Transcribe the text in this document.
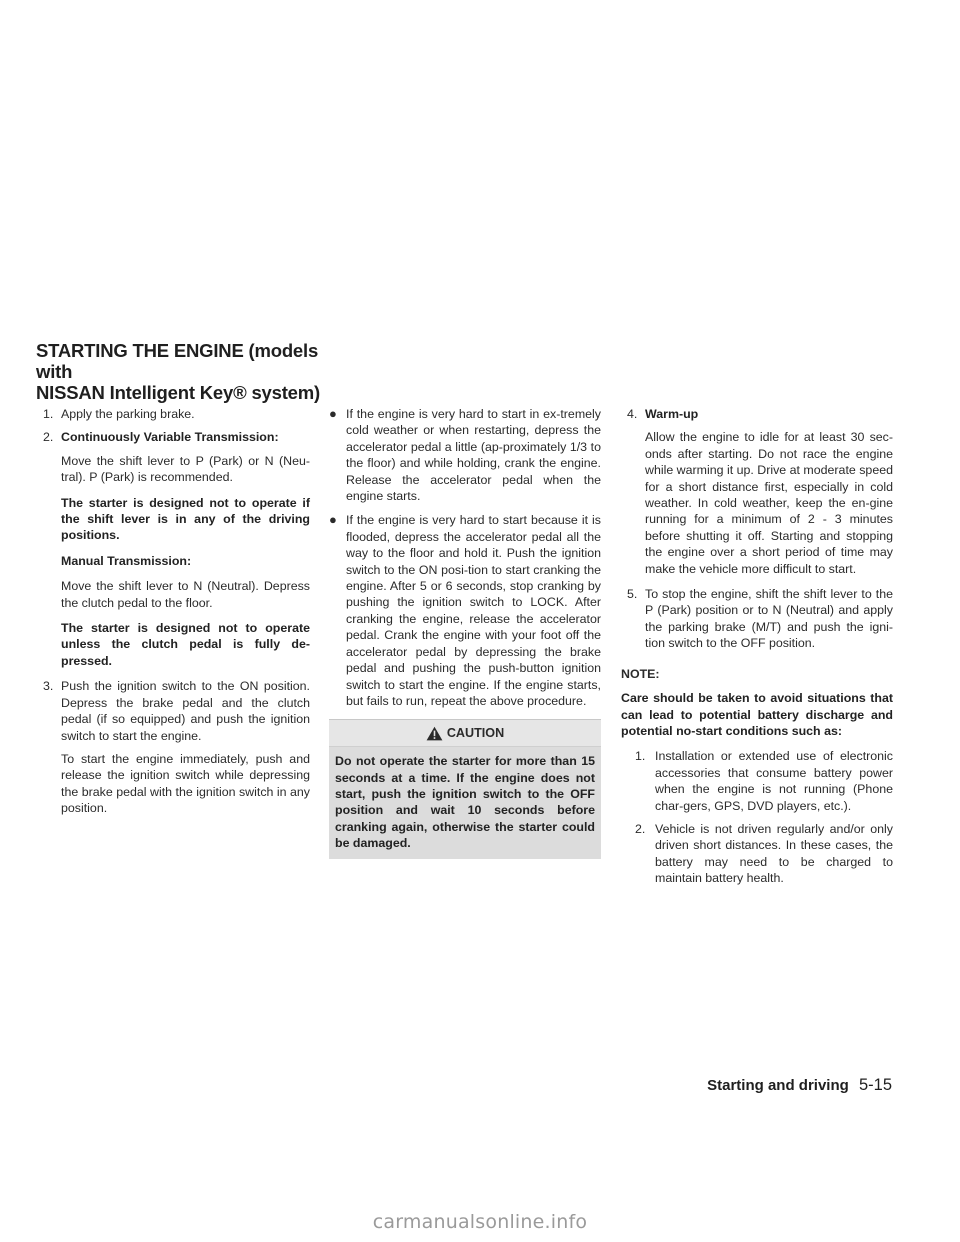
STARTING THE ENGINE (models with
NISSAN Intelligent Key® system)
1. Apply the parking brake.
2. Continuously Variable Transmission:

Move the shift lever to P (Park) or N (Neu-tral). P (Park) is recommended.

The starter is designed not to operate if the shift lever is in any of the driving positions.

Manual Transmission:

Move the shift lever to N (Neutral). Depress the clutch pedal to the floor.

The starter is designed not to operate unless the clutch pedal is fully de-pressed.

3. Push the ignition switch to the ON position. Depress the brake pedal and the clutch pedal (if so equipped) and push the ignition switch to start the engine.

To start the engine immediately, push and release the ignition switch while depressing the brake pedal with the ignition switch in any position.

● If the engine is very hard to start in ex-tremely cold weather or when restarting, depress the accelerator pedal a little (ap-proximately 1/3 to the floor) and while holding, crank the engine. Release the accelerator pedal when the engine starts.
● If the engine is very hard to start because it is flooded, depress the accelerator pedal all the way to the floor and hold it. Push the ignition switch to the ON posi-tion to start cranking the engine. After 5 or 6 seconds, stop cranking by pushing the ignition switch to LOCK. After cranking the engine, release the accelerator pedal. Crank the engine with your foot off the accelerator pedal by depressing the brake pedal and pushing the push-button ignition switch to start the engine. If the engine starts, but fails to run, repeat the above procedure.
CAUTION
Do not operate the starter for more than 15 seconds at a time. If the engine does not start, push the ignition switch to the OFF position and wait 10 seconds before cranking again, otherwise the starter could be damaged.
4. Warm-up

Allow the engine to idle for at least 30 sec-onds after starting. Do not race the engine while warming it up. Drive at moderate speed for a short distance first, especially in cold weather. In cold weather, keep the en-gine running for a minimum of 2 - 3 minutes before shutting it off. Starting and stopping the engine over a short period of time may make the vehicle more difficult to start.

5. To stop the engine, shift the shift lever to the P (Park) position or to N (Neutral) and apply the parking brake (M/T) and push the igni-tion switch to the OFF position.
NOTE:

Care should be taken to avoid situations that can lead to potential battery discharge and potential no-start conditions such as:

1. Installation or extended use of electronic accessories that consume battery power when the engine is not running (Phone char-gers, GPS, DVD players, etc.).
2. Vehicle is not driven regularly and/or only driven short distances. In these cases, the battery may need to be charged to maintain battery health.
Starting and driving 5-15
carmanualsonline.info
